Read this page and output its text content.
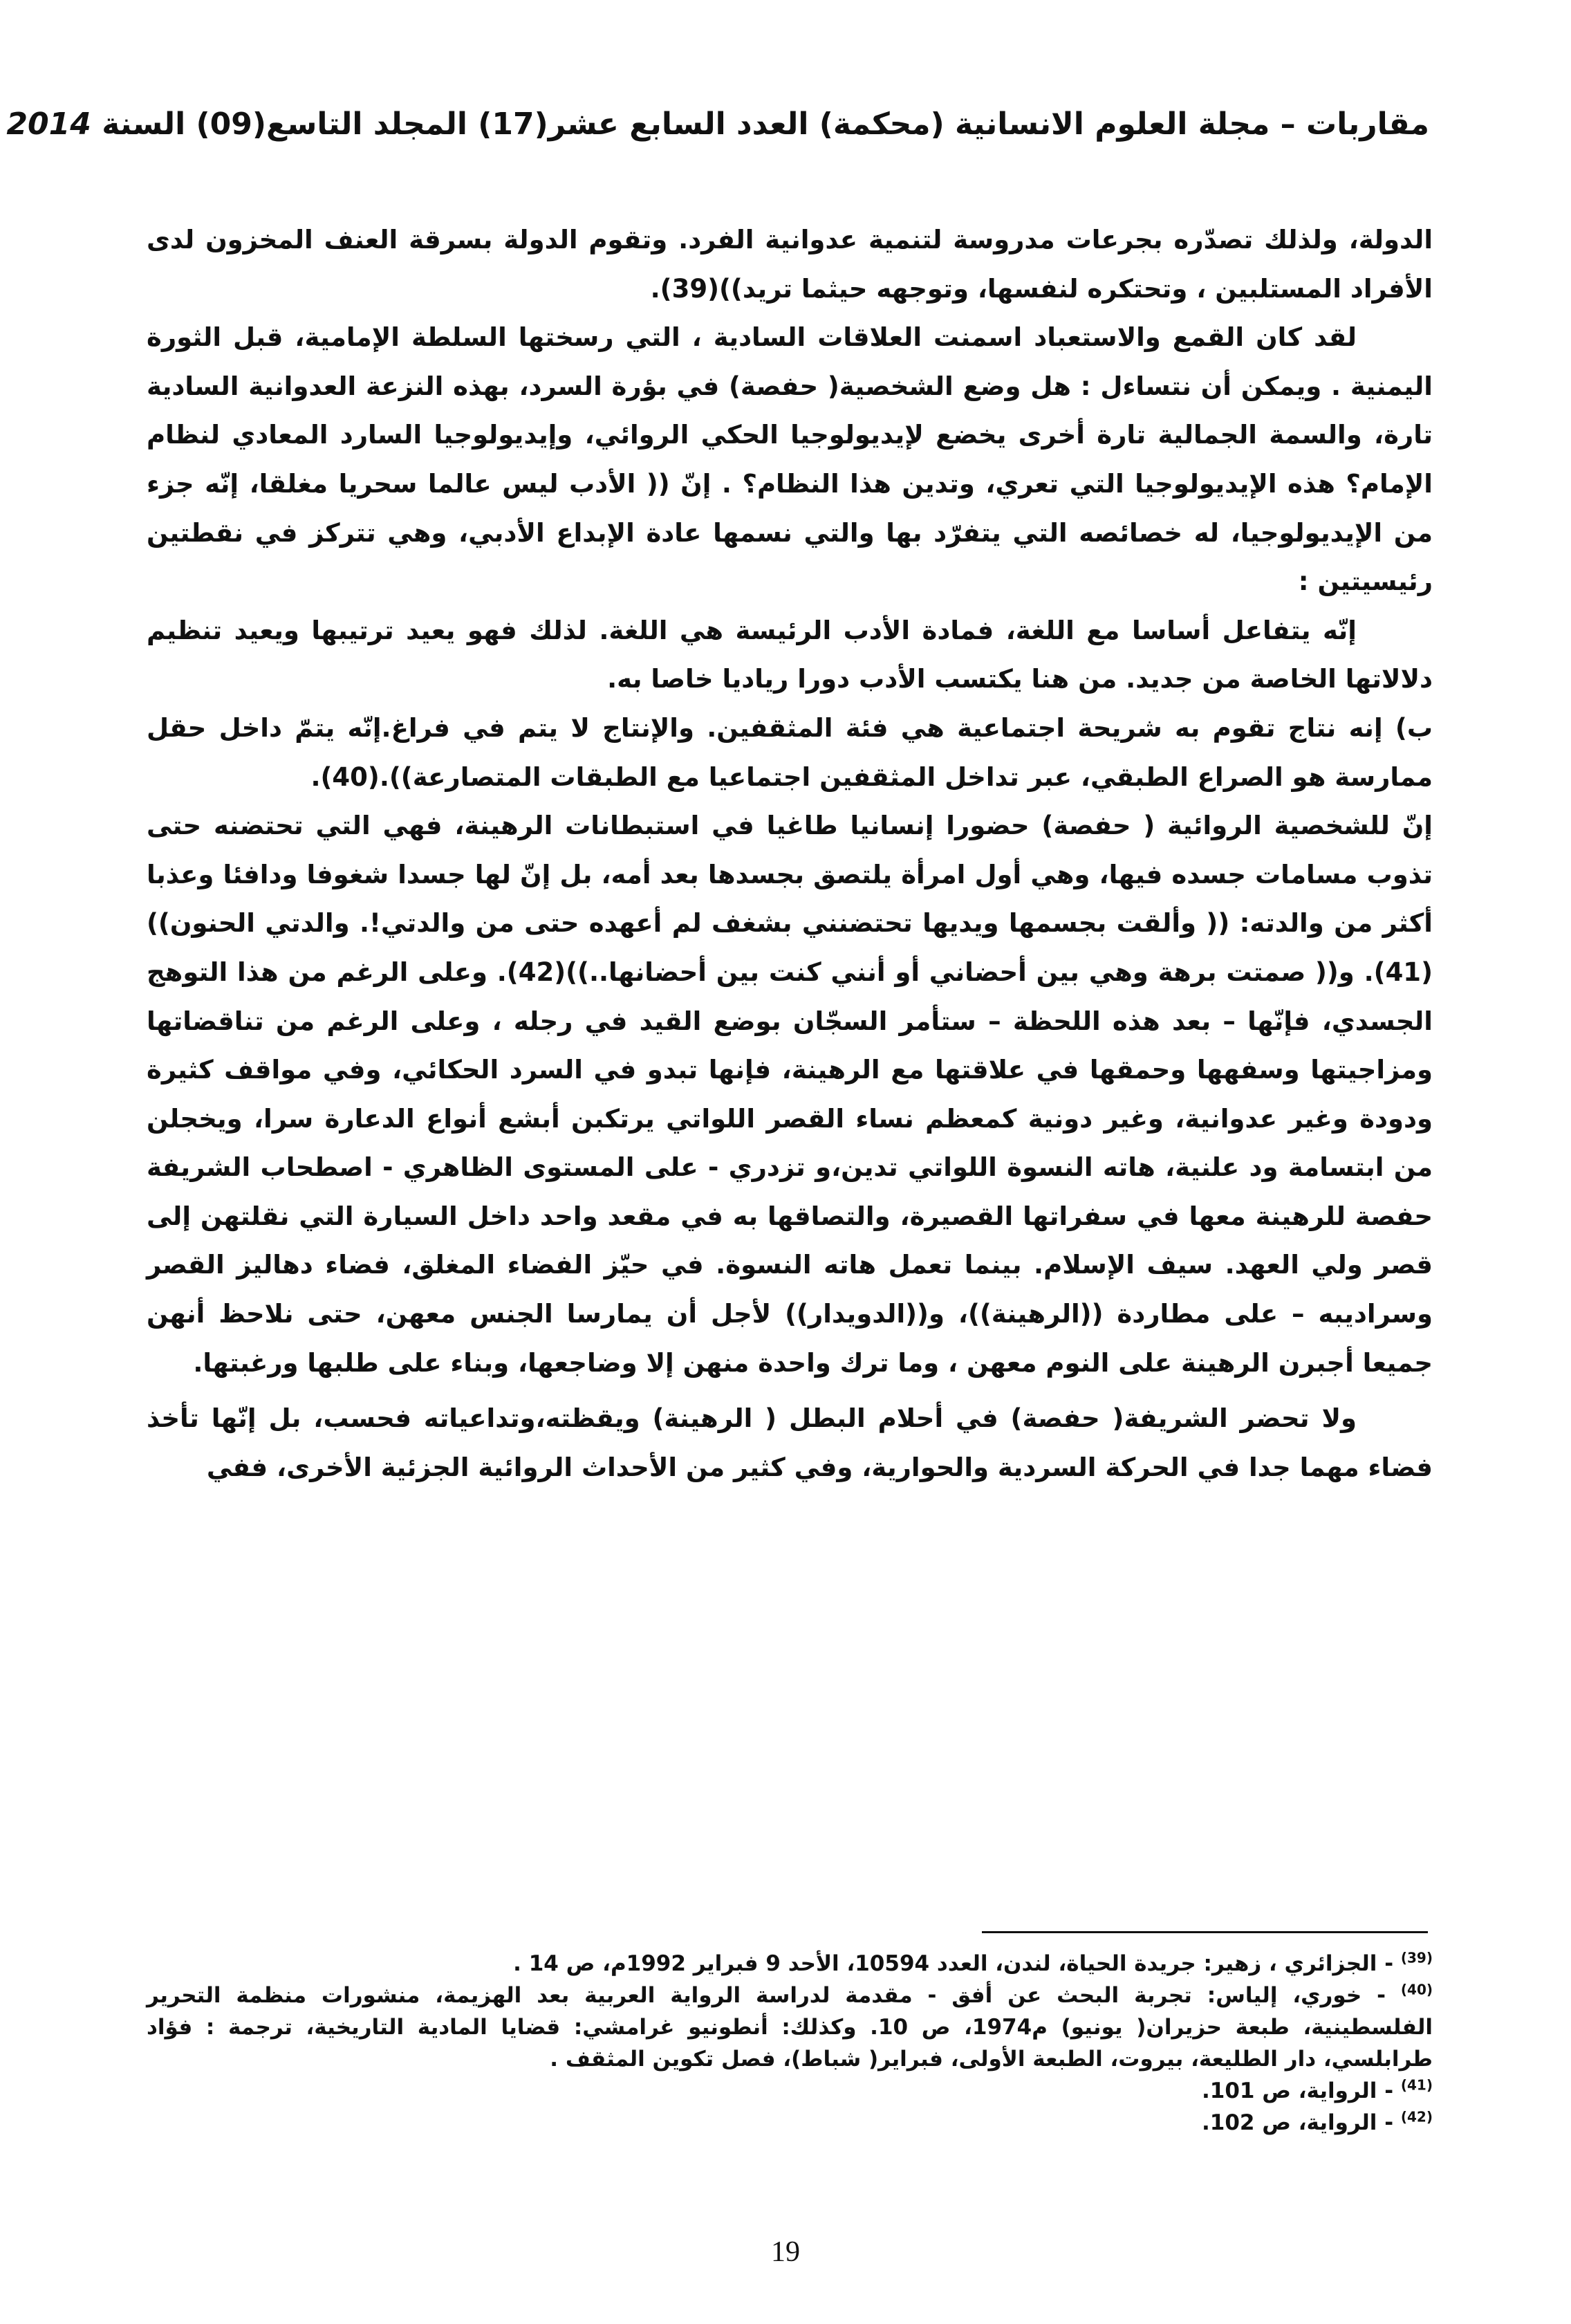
مقاربات – مجلة العلوم الانسانية (محكمة) العدد السابع عشر(17) المجلد التاسع(09) السنة 2014

الدولة، ولذلك تصدّره بجرعات مدروسة لتنمية عدوانية الفرد. وتقوم الدولة بسرقة العنف المخزون لدى الأفراد المستلبين ، وتحتكره لنفسها، وتوجهه حيثما تريد))(39).

لقد كان القمع والاستعباد اسمنت العلاقات السادية ، التي رسختها السلطة الإمامية، قبل الثورة اليمنية . ويمكن أن نتساءل : هل وضع الشخصية( حفصة) في بؤرة السرد، بهذه النزعة العدوانية السادية تارة، والسمة الجمالية تارة أخرى يخضع لإيديولوجيا الحكي الروائي، وإيديولوجيا السارد المعادي لنظام الإمام؟ هذه الإيديولوجيا التي تعري، وتدين هذا النظام؟ . إنّ (( الأدب ليس عالما سحريا مغلقا، إنّه جزء من الإيديولوجيا، له خصائصه التي يتفرّد بها والتي نسمها عادة الإبداع الأدبي، وهي تتركز في نقطتين رئيسيتين :

إنّه يتفاعل أساسا مع اللغة، فمادة الأدب الرئيسة هي اللغة. لذلك فهو يعيد ترتيبها ويعيد تنظيم دلالاتها الخاصة من جديد. من هنا يكتسب الأدب دورا رياديا خاصا به.

ب) إنه نتاج تقوم به شريحة اجتماعية هي فئة المثقفين. والإنتاج لا يتم في فراغ.إنّه يتمّ داخل حقل ممارسة هو الصراع الطبقي، عبر تداخل المثقفين اجتماعيا مع الطبقات المتصارعة)).(40).

إنّ للشخصية الروائية ( حفصة) حضورا إنسانيا طاغيا في استبطانات الرهينة، فهي التي تحتضنه حتى تذوب مسامات جسده فيها، وهي أول امرأة يلتصق بجسدها بعد أمه، بل إنّ لها جسدا شغوفا ودافئا وعذبا أكثر من والدته: (( وألقت بجسمها ويديها تحتضنني بشغف لم أعهده حتى من والدتي!. والدتي الحنون))(41). و(( صمتت برهة وهي بين أحضاني أو أنني كنت بين أحضانها..))(42). وعلى الرغم من هذا التوهج الجسدي، فإنّها – بعد هذه اللحظة – ستأمر السجّان بوضع القيد في رجله ، وعلى الرغم من تناقضاتها ومزاجيتها وسفهها وحمقها في علاقتها مع الرهينة، فإنها تبدو في السرد الحكائي، وفي مواقف كثيرة ودودة وغير عدوانية، وغير دونية كمعظم نساء القصر اللواتي يرتكبن أبشع أنواع الدعارة سرا، ويخجلن من ابتسامة ود علنية، هاته النسوة اللواتي تدين،و تزدري - على المستوى الظاهري - اصطحاب الشريفة حفصة للرهينة معها في سفراتها القصيرة، والتصاقها به في مقعد واحد داخل السيارة التي نقلتهن إلى قصر ولي العهد. سيف الإسلام. بينما تعمل هاته النسوة. في حيّز الفضاء المغلق، فضاء دهاليز القصر وسراديبه – على مطاردة ((الرهينة))، و((الدويدار)) لأجل أن يمارسا الجنس معهن، حتى نلاحظ أنهن جميعا أجبرن الرهينة على النوم معهن ، وما ترك واحدة منهن إلا وضاجعها، وبناء على طلبها ورغبتها.

ولا تحضر الشريفة( حفصة) في أحلام البطل ( الرهينة) ويقظته،وتداعياته فحسب، بل إنّها تأخذ فضاء مهما جدا في الحركة السردية والحوارية، وفي كثير من الأحداث الروائية الجزئية الأخرى، ففي

$^{(39)}$ - الجزائري ، زهير: جريدة الحياة، لندن، العدد 10594، الأحد 9 فبراير 1992م، ص 14 .

$^{(40)}$ - خوري، إلياس: تجربة البحث عن أفق - مقدمة لدراسة الرواية العربية بعد الهزيمة، منشورات منظمة التحرير الفلسطينية، طبعة حزيران( يونيو) م1974، ص 10. وكذلك: أنطونيو غرامشي: قضايا المادية التاريخية، ترجمة : فؤاد طرابلسي، دار الطليعة، بيروت، الطبعة الأولى، فبراير( شباط)، فصل تكوين المثقف .

$^{(41)}$ - الرواية، ص 101.

$^{(42)}$ - الرواية، ص 102.

19
